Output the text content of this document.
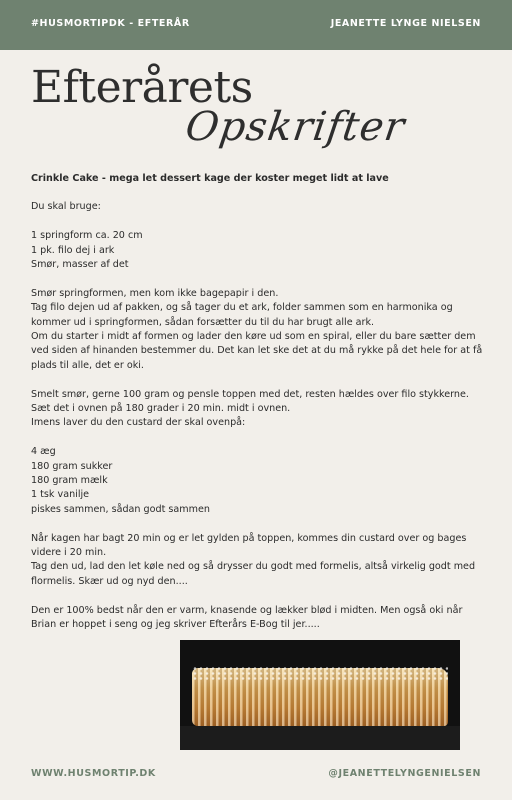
#HUSMORTIPDK - EFTERÅR	JEANETTE LYNGE NIELSEN
Efterårets
Opskrifter

Crinkle Cake - mega let dessert kage der koster meget lidt at lave

Du skal bruge:

1 springform ca. 20 cm

1 pk. filo dej i ark

Smør, masser af det

Smør springformen, men kom ikke bagepapir i den.

Tag filo dejen ud af pakken, og så tager du et ark, folder sammen som en harmonika og kommer ud i springformen, sådan forsætter du til du har brugt alle ark.

Om du starter i midt af formen og lader den køre ud som en spiral, eller du bare sætter dem ved siden af hinanden bestemmer du. Det kan let ske det at du må rykke på det hele for at få plads til alle, det er oki.

Smelt smør, gerne 100 gram og pensle toppen med det, resten hældes over filo stykkerne.

Sæt det i ovnen på 180 grader i 20 min. midt i ovnen.

Imens laver du den custard der skal ovenpå:

4 æg

180 gram sukker

180 gram mælk

1 tsk vanilje

piskes sammen, sådan godt sammen

Når kagen har bagt 20 min og er let gylden på toppen, kommes din custard over og bages videre i 20 min.

Tag den ud, lad den let køle ned og så drysser du godt med formelis, altså virkelig godt med flormelis. Skær ud og nyd den....

Den er 100% bedst når den er varm, knasende og lækker blød i midten. Men også oki når Brian er hoppet i seng og jeg skriver Efterårs E-Bog til jer.....

WWW.HUSMORTIP.DK	@JEANETTELYNGENIELSEN
